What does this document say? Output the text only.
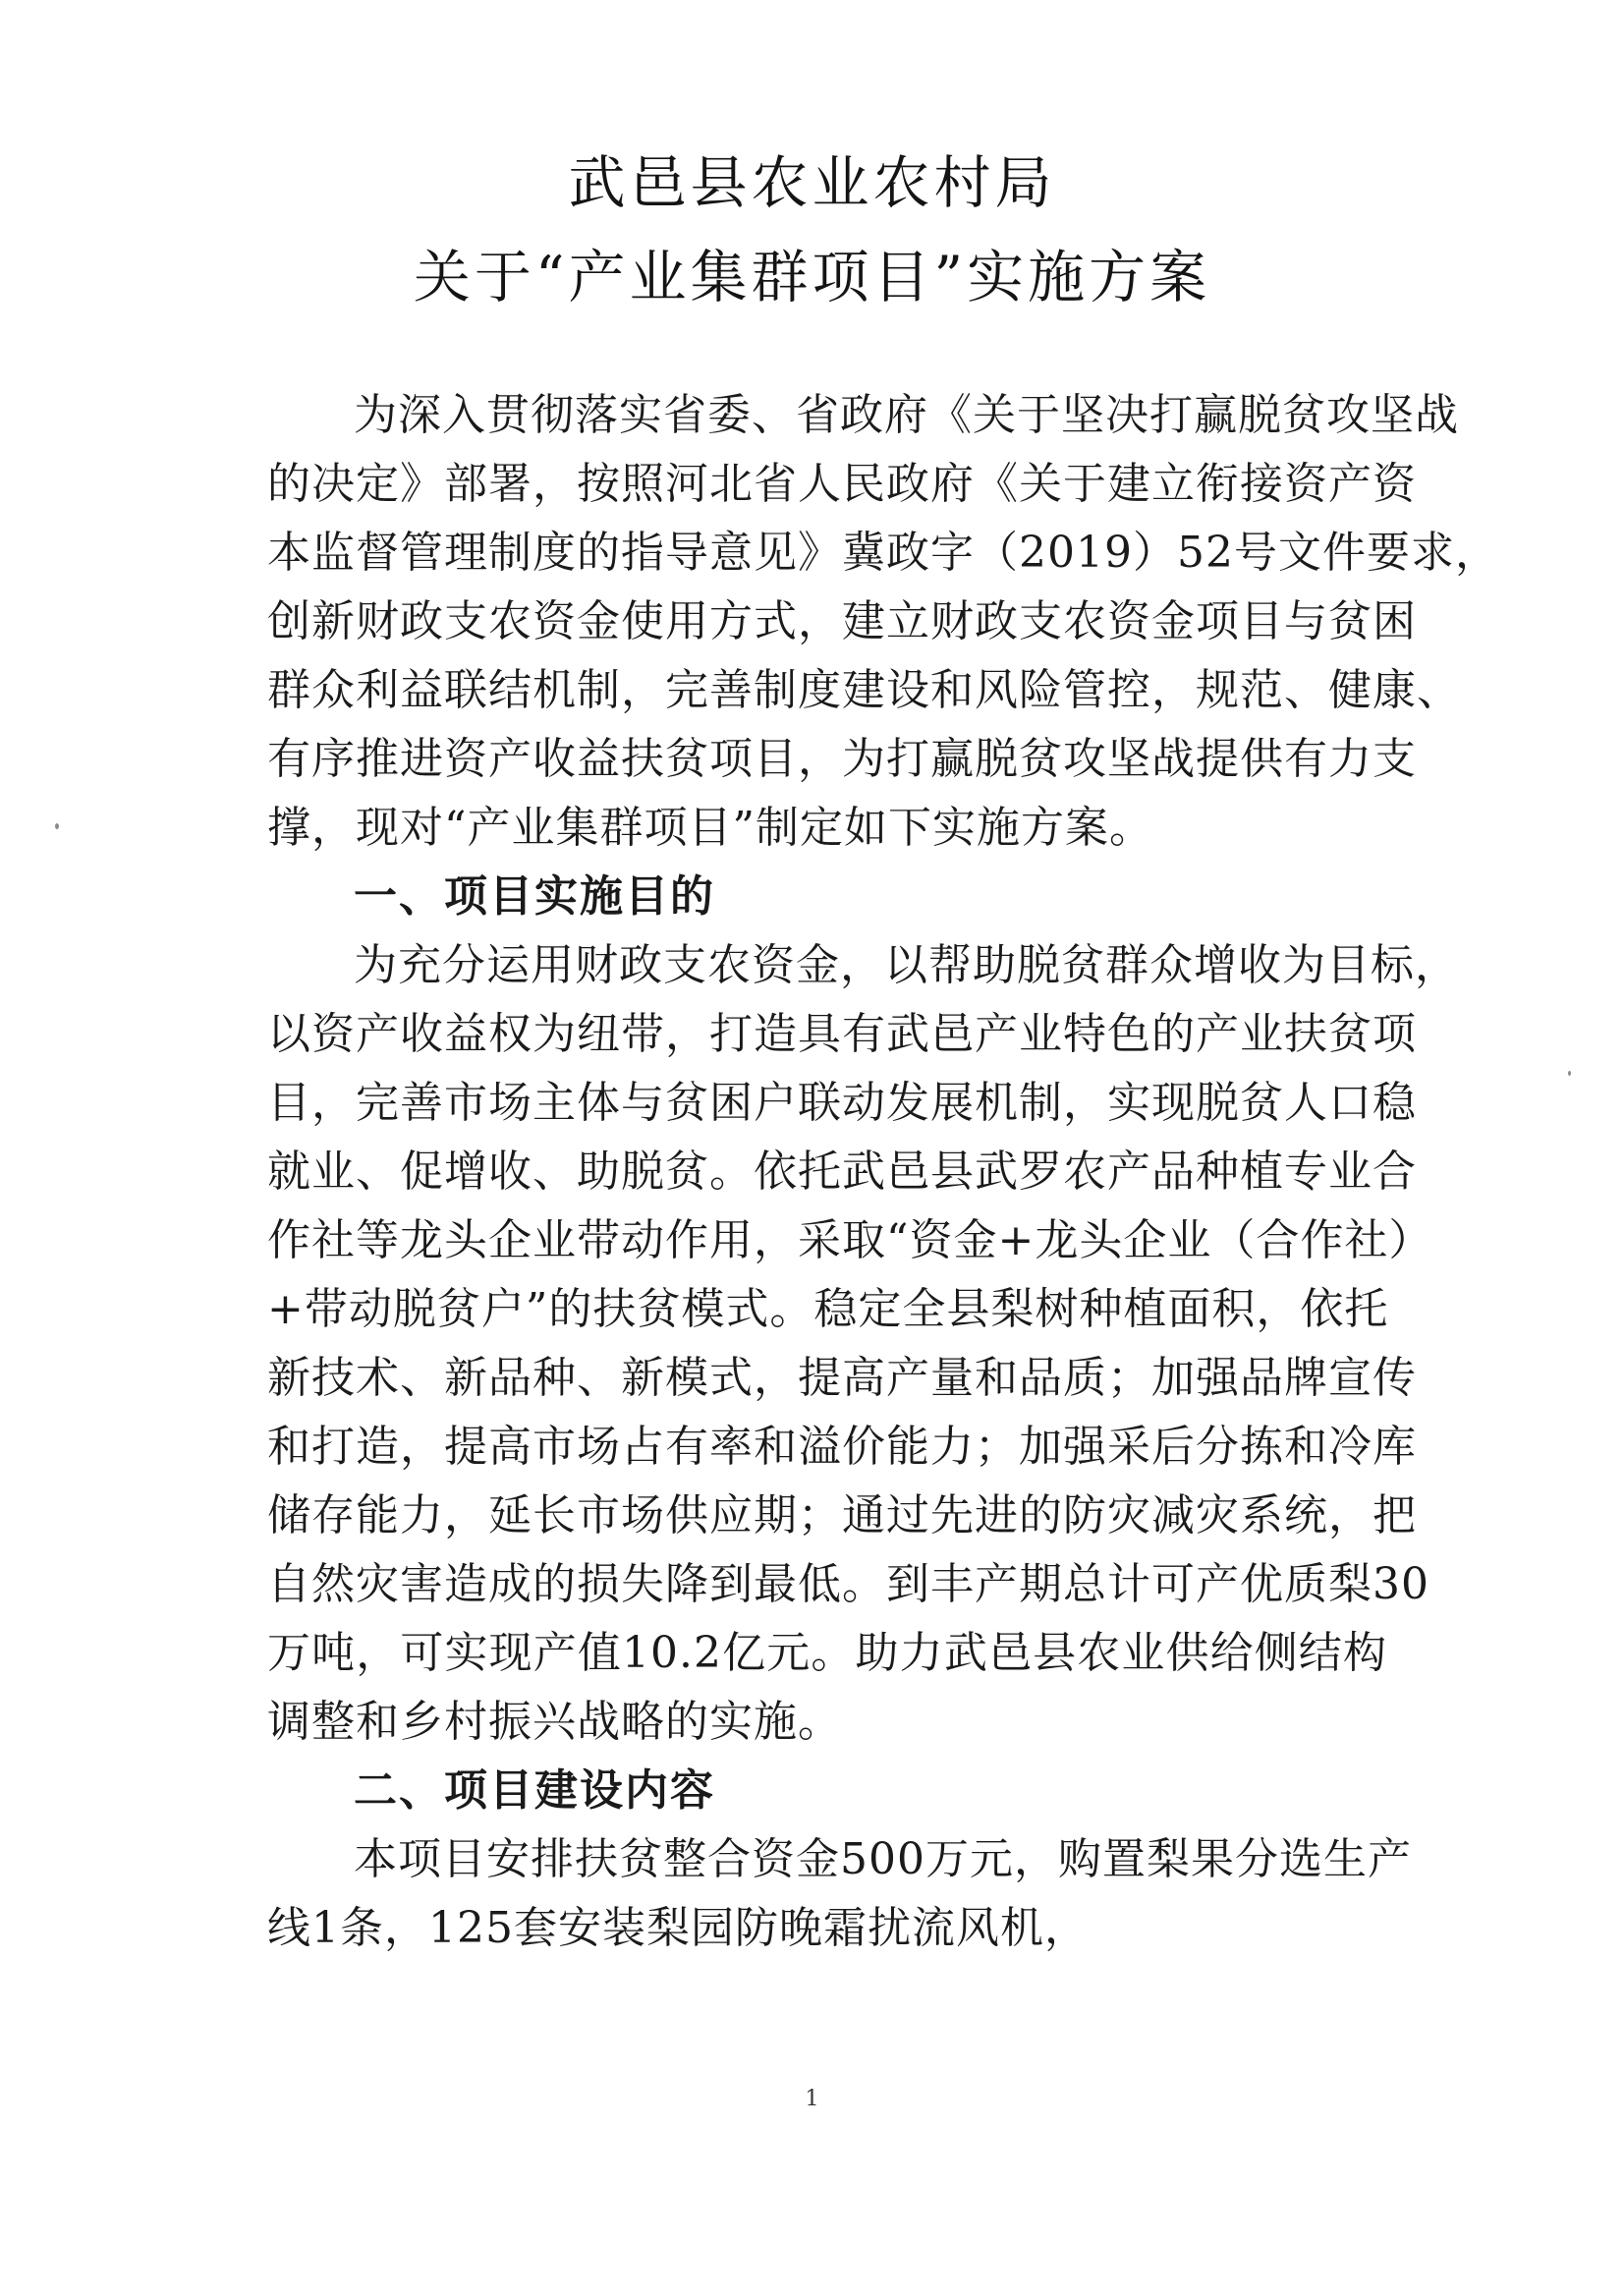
武邑县农业农村局
关于“产业集群项目”实施方案
为深入贯彻落实省委、省政府《关于坚决打赢脱贫攻坚战
的决定》部署，按照河北省人民政府《关于建立衔接资产资
本监督管理制度的指导意见》冀政字（2019）52号文件要求，
创新财政支农资金使用方式，建立财政支农资金项目与贫困
群众利益联结机制，完善制度建设和风险管控，规范、健康、
有序推进资产收益扶贫项目，为打赢脱贫攻坚战提供有力支
撑，现对“产业集群项目”制定如下实施方案。
一、项目实施目的
为充分运用财政支农资金，以帮助脱贫群众增收为目标，
以资产收益权为纽带，打造具有武邑产业特色的产业扶贫项
目，完善市场主体与贫困户联动发展机制，实现脱贫人口稳
就业、促增收、助脱贫。依托武邑县武罗农产品种植专业合
作社等龙头企业带动作用，采取“资金+龙头企业（合作社）
+带动脱贫户”的扶贫模式。稳定全县梨树种植面积，依托
新技术、新品种、新模式，提高产量和品质；加强品牌宣传
和打造，提高市场占有率和溢价能力；加强采后分拣和冷库
储存能力，延长市场供应期；通过先进的防灾减灾系统，把
自然灾害造成的损失降到最低。到丰产期总计可产优质梨30
万吨，可实现产值10.2亿元。助力武邑县农业供给侧结构
调整和乡村振兴战略的实施。
二、项目建设内容
本项目安排扶贫整合资金500万元，购置梨果分选生产
线1条，125套安装梨园防晚霜扰流风机，
1
